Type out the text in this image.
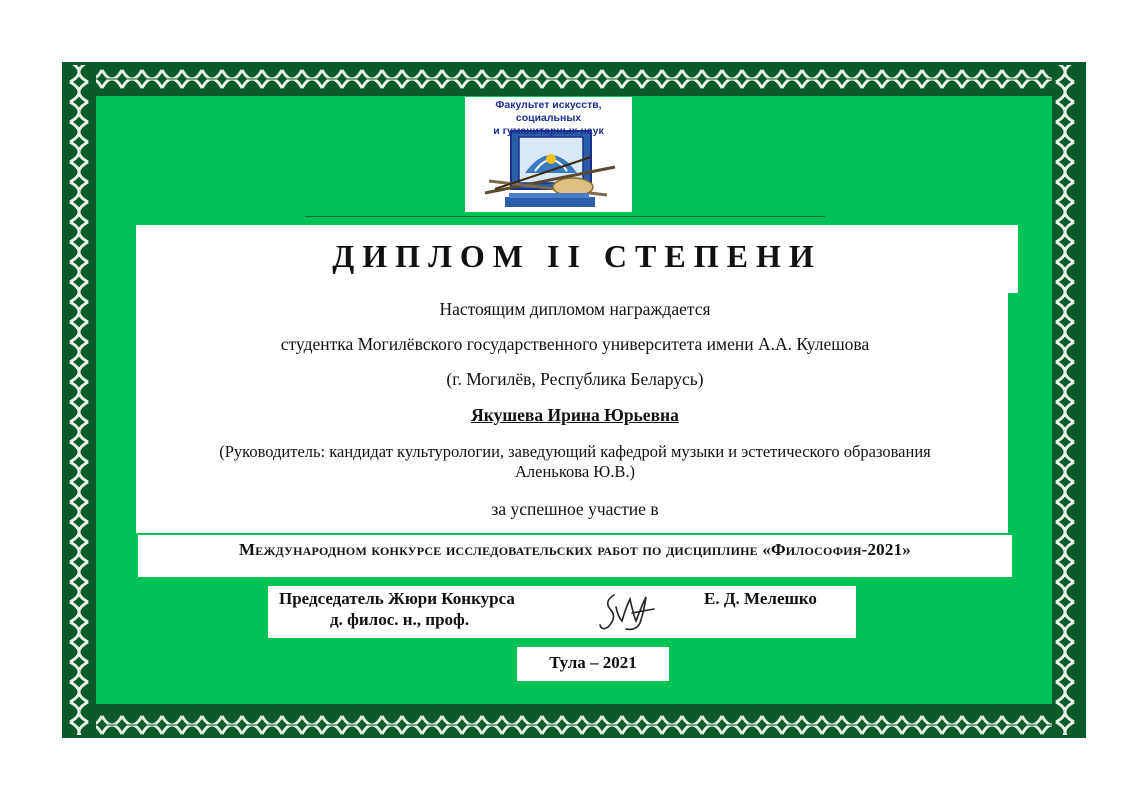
Факультет искусств, социальных
и гуманитарных наук
ДИПЛОМ II СТЕПЕНИ
Настоящим дипломом награждается
студентка Могилёвского государственного университета имени А.А. Кулешова
(г. Могилёв, Республика Беларусь)
Якушева Ирина Юрьевна
(Руководитель: кандидат культурологии, заведующий кафедрой музыки и эстетического образования
Аленькова Ю.В.)
за успешное участие в
Международном конкурсе исследовательских работ по дисциплине «Философия-2021»
Председатель Жюри Конкурса
д. филос. н., проф.
Е. Д. Мелешко
Тула – 2021
